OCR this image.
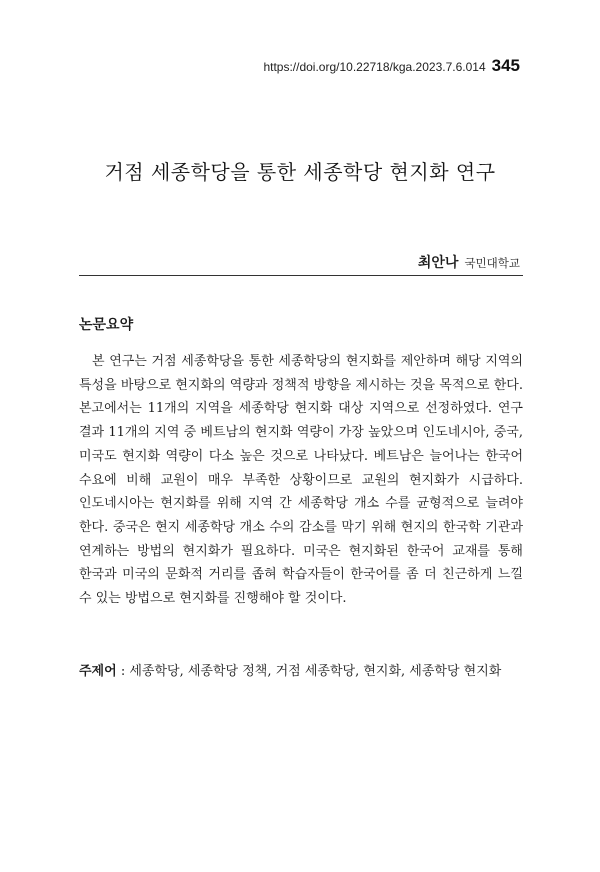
https://doi.org/10.22718/kga.2023.7.6.014 345
거점 세종학당을 통한 세종학당 현지화 연구
최안나 국민대학교
논문요약

본 연구는 거점 세종학당을 통한 세종학당의 현지화를 제안하며 해당 지역의 특성을 바탕으로 현지화의 역량과 정책적 방향을 제시하는 것을 목적으로 한다. 본고에서는 11개의 지역을 세종학당 현지화 대상 지역으로 선정하였다. 연구 결과 11개의 지역 중 베트남의 현지화 역량이 가장 높았으며 인도네시아, 중국, 미국도 현지화 역량이 다소 높은 것으로 나타났다. 베트남은 늘어나는 한국어 수요에 비해 교원이 매우 부족한 상황이므로 교원의 현지화가 시급하다. 인도네시아는 현지화를 위해 지역 간 세종학당 개소 수를 균형적으로 늘려야 한다. 중국은 현지 세종학당 개소 수의 감소를 막기 위해 현지의 한국학 기관과 연계하는 방법의 현지화가 필요하다. 미국은 현지화된 한국어 교재를 통해 한국과 미국의 문화적 거리를 좁혀 학습자들이 한국어를 좀 더 친근하게 느낄 수 있는 방법으로 현지화를 진행해야 할 것이다.

주제어 : 세종학당, 세종학당 정책, 거점 세종학당, 현지화, 세종학당 현지화
